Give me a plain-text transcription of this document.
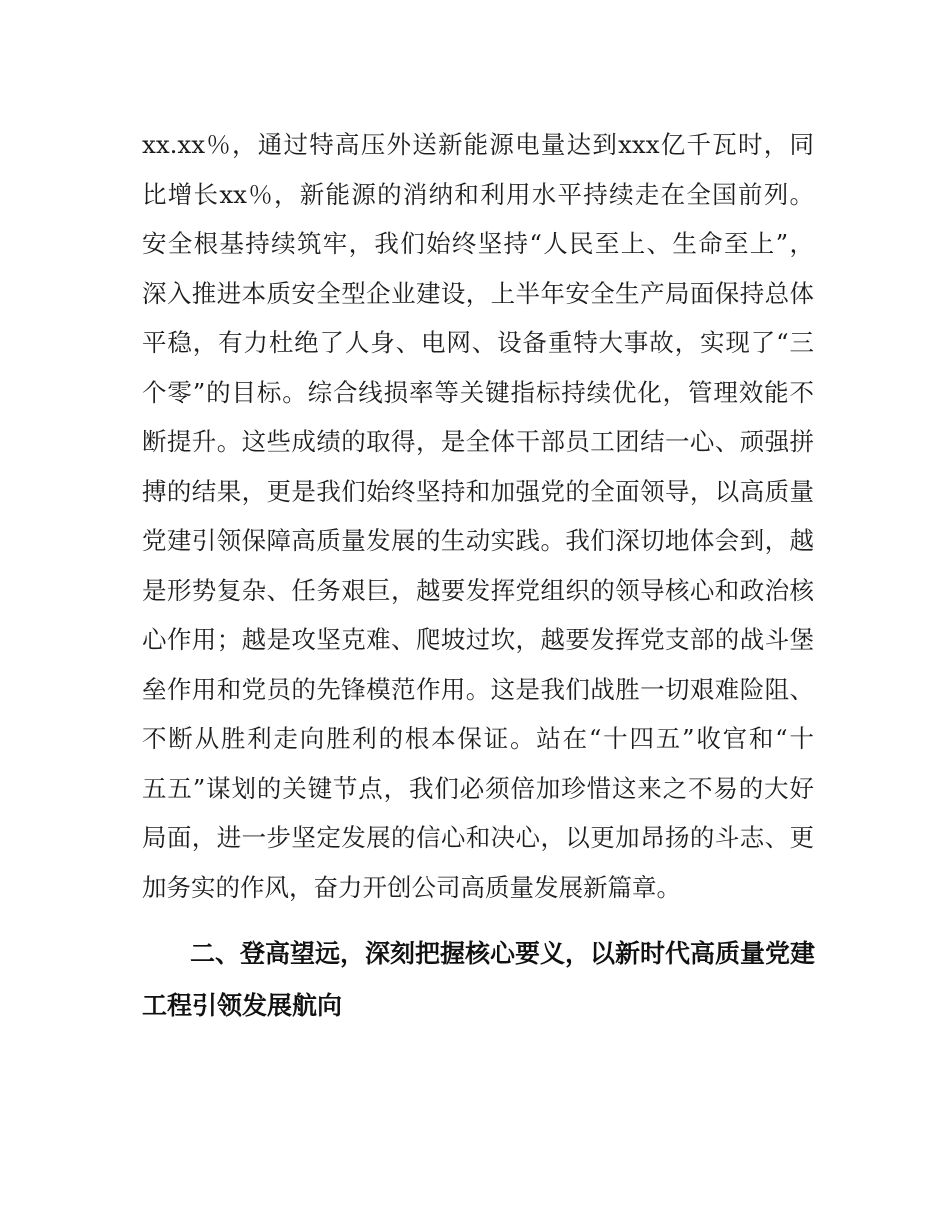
xx.xx％，通过特高压外送新能源电量达到xxx亿千瓦时，同
比增长xx％，新能源的消纳和利用水平持续走在全国前列。
安全根基持续筑牢，我们始终坚持“人民至上、生命至上”，
深入推进本质安全型企业建设，上半年安全生产局面保持总体
平稳，有力杜绝了人身、电网、设备重特大事故，实现了“三
个零”的目标。综合线损率等关键指标持续优化，管理效能不
断提升。这些成绩的取得，是全体干部员工团结一心、顽强拼
搏的结果，更是我们始终坚持和加强党的全面领导，以高质量
党建引领保障高质量发展的生动实践。我们深切地体会到，越
是形势复杂、任务艰巨，越要发挥党组织的领导核心和政治核
心作用；越是攻坚克难、爬坡过坎，越要发挥党支部的战斗堡
垒作用和党员的先锋模范作用。这是我们战胜一切艰难险阻、
不断从胜利走向胜利的根本保证。站在“十四五”收官和“十
五五”谋划的关键节点，我们必须倍加珍惜这来之不易的大好
局面，进一步坚定发展的信心和决心，以更加昂扬的斗志、更
加务实的作风，奋力开创公司高质量发展新篇章。
二、登高望远，深刻把握核心要义，以新时代高质量党建
工程引领发展航向
